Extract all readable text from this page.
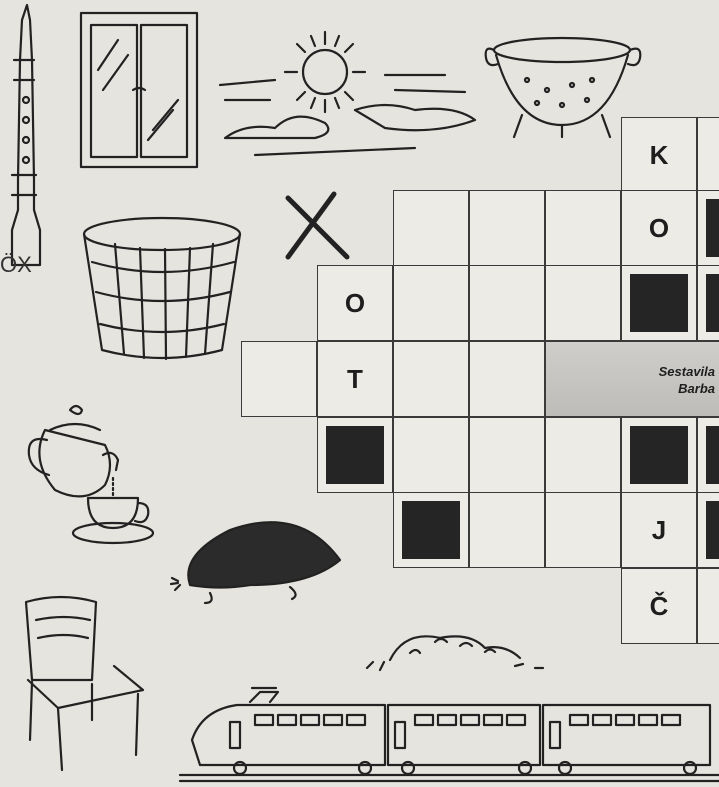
ÖX
K
O
O
T	Sestavila
Barba
J
Č
